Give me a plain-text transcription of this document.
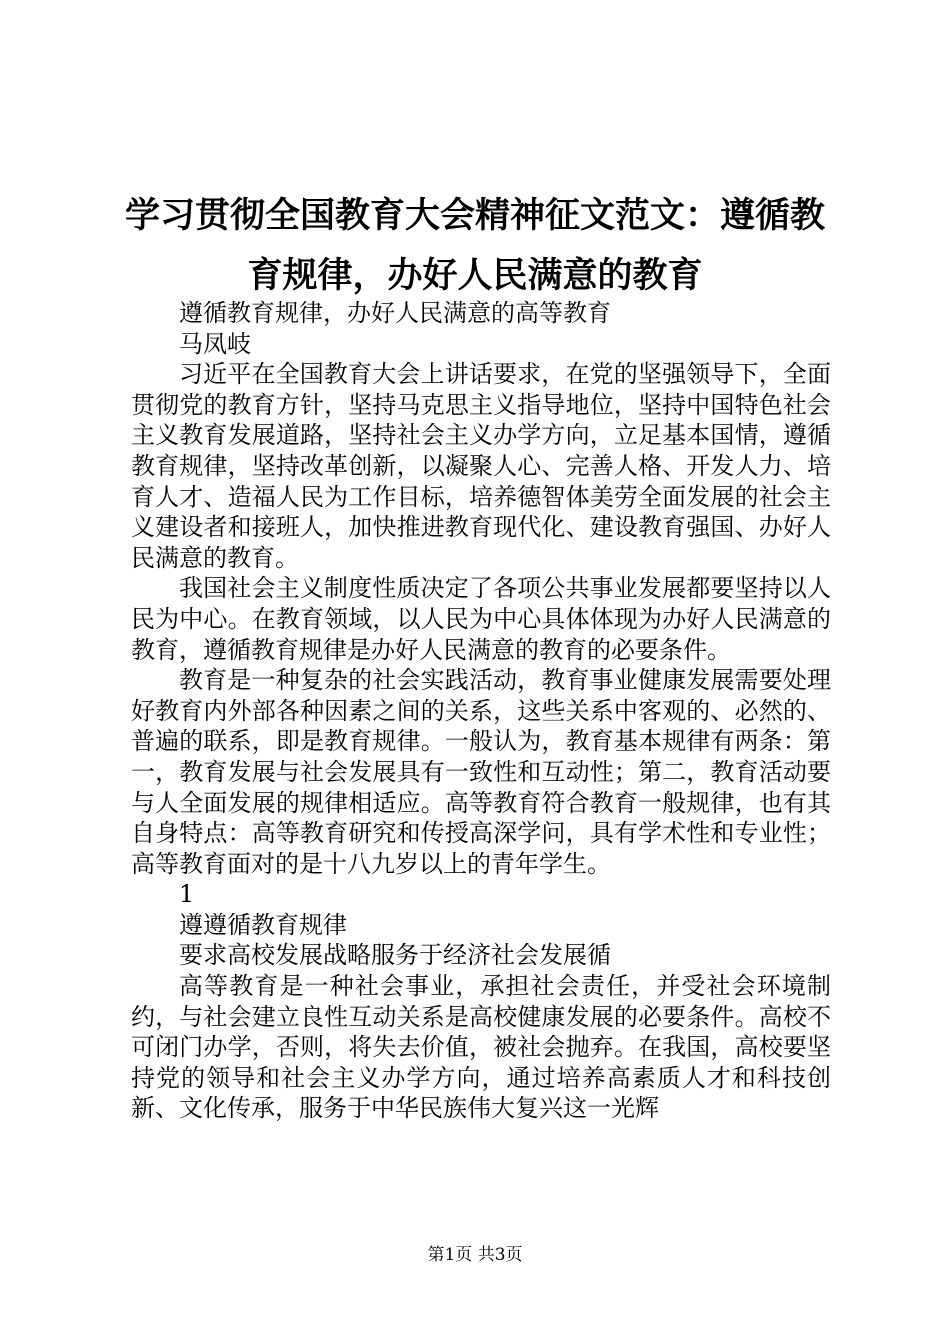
学习贯彻全国教育大会精神征文范文：遵循教育规律，办好人民满意的教育

遵循教育规律，办好人民满意的高等教育

马凤岐

习近平在全国教育大会上讲话要求，在党的坚强领导下，全面贯彻党的教育方针，坚持马克思主义指导地位，坚持中国特色社会主义教育发展道路，坚持社会主义办学方向，立足基本国情，遵循教育规律，坚持改革创新，以凝聚人心、完善人格、开发人力、培育人才、造福人民为工作目标，培养德智体美劳全面发展的社会主义建设者和接班人，加快推进教育现代化、建设教育强国、办好人民满意的教育。

我国社会主义制度性质决定了各项公共事业发展都要坚持以人民为中心。在教育领域，以人民为中心具体体现为办好人民满意的教育，遵循教育规律是办好人民满意的教育的必要条件。

教育是一种复杂的社会实践活动，教育事业健康发展需要处理好教育内外部各种因素之间的关系，这些关系中客观的、必然的、普遍的联系，即是教育规律。一般认为，教育基本规律有两条：第一，教育发展与社会发展具有一致性和互动性；第二，教育活动要与人全面发展的规律相适应。高等教育符合教育一般规律，也有其自身特点：高等教育研究和传授高深学问，具有学术性和专业性；高等教育面对的是十八九岁以上的青年学生。

1

遵遵循教育规律

要求高校发展战略服务于经济社会发展循

高等教育是一种社会事业，承担社会责任，并受社会环境制约，与社会建立良性互动关系是高校健康发展的必要条件。高校不可闭门办学，否则，将失去价值，被社会抛弃。在我国，高校要坚持党的领导和社会主义办学方向，通过培养高素质人才和科技创新、文化传承，服务于中华民族伟大复兴这一光辉

第1页 共3页
